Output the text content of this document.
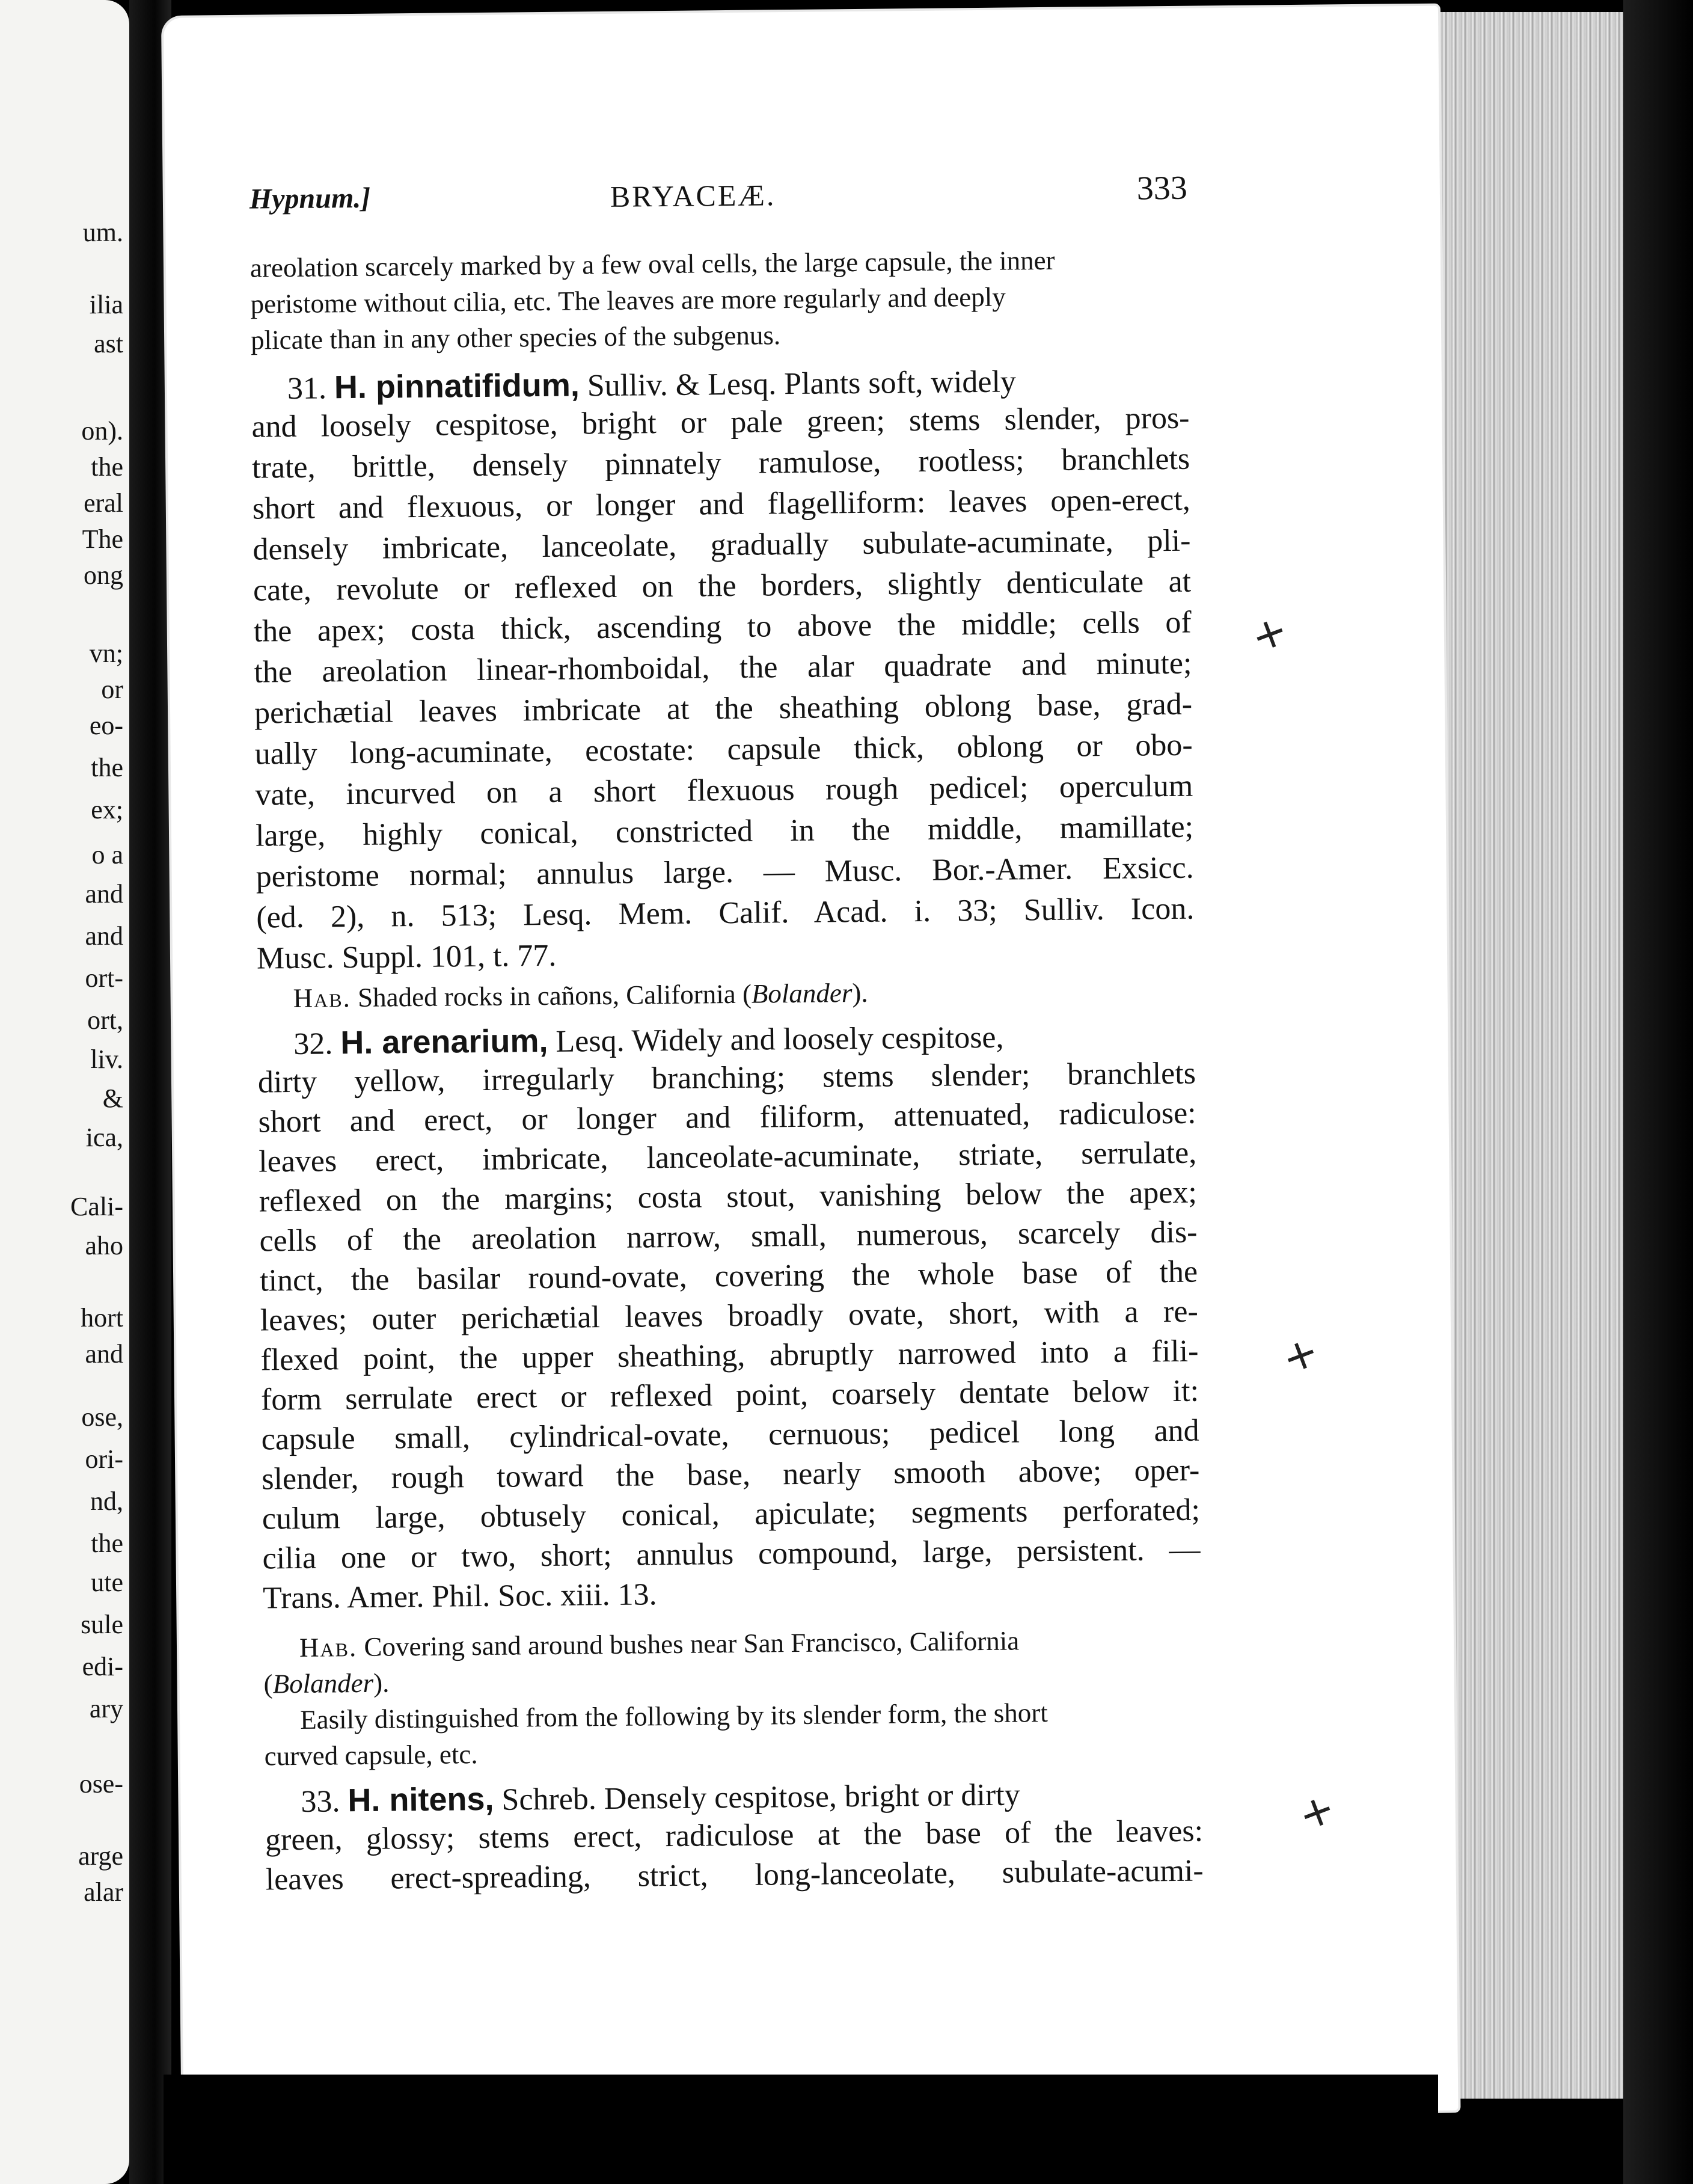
um.
ilia
ast
on).
the
eral
The
ong
vn;
or
eo-
the
ex;
o a
and
and
ort-
ort,
liv.
&
ica,
Cali-
aho
hort
and
ose,
ori-
nd,
the
ute
sule
edi-
ary
ose-
arge
alar
Hypnum.]	BRYACEÆ.	333
areolation scarcely marked by a few oval cells, the large capsule, the inner
peristome without cilia, etc. The leaves are more regularly and deeply
plicate than in any other species of the subgenus.
31. H. pinnatifidum, Sulliv. & Lesq. Plants soft, widely
and loosely cespitose, bright or pale green; stems slender, pros-
trate, brittle, densely pinnately ramulose, rootless; branchlets
short and flexuous, or longer and flagelliform: leaves open-erect,
densely imbricate, lanceolate, gradually subulate-acuminate, pli-
cate, revolute or reflexed on the borders, slightly denticulate at
the apex; costa thick, ascending to above the middle; cells of
the areolation linear-rhomboidal, the alar quadrate and minute;
perichætial leaves imbricate at the sheathing oblong base, grad-
ually long-acuminate, ecostate: capsule thick, oblong or obo-
vate, incurved on a short flexuous rough pedicel; operculum
large, highly conical, constricted in the middle, mamillate;
peristome normal; annulus large. — Musc. Bor.-Amer. Exsicc.
(ed. 2), n. 513; Lesq. Mem. Calif. Acad. i. 33; Sulliv. Icon.
Musc. Suppl. 101, t. 77.
Hab. Shaded rocks in cañons, California (Bolander).
32. H. arenarium, Lesq. Widely and loosely cespitose,
dirty yellow, irregularly branching; stems slender; branchlets
short and erect, or longer and filiform, attenuated, radiculose:
leaves erect, imbricate, lanceolate-acuminate, striate, serrulate,
reflexed on the margins; costa stout, vanishing below the apex;
cells of the areolation narrow, small, numerous, scarcely dis-
tinct, the basilar round-ovate, covering the whole base of the
leaves; outer perichætial leaves broadly ovate, short, with a re-
flexed point, the upper sheathing, abruptly narrowed into a fili-
form serrulate erect or reflexed point, coarsely dentate below it:
capsule small, cylindrical-ovate, cernuous; pedicel long and
slender, rough toward the base, nearly smooth above; oper-
culum large, obtusely conical, apiculate; segments perforated;
cilia one or two, short; annulus compound, large, persistent. —
Trans. Amer. Phil. Soc. xiii. 13.
Hab. Covering sand around bushes near San Francisco, California
(Bolander).
Easily distinguished from the following by its slender form, the short
curved capsule, etc.
33. H. nitens, Schreb. Densely cespitose, bright or dirty
green, glossy; stems erect, radiculose at the base of the leaves:
leaves erect-spreading, strict, long-lanceolate, subulate-acumi-
+
+
+
